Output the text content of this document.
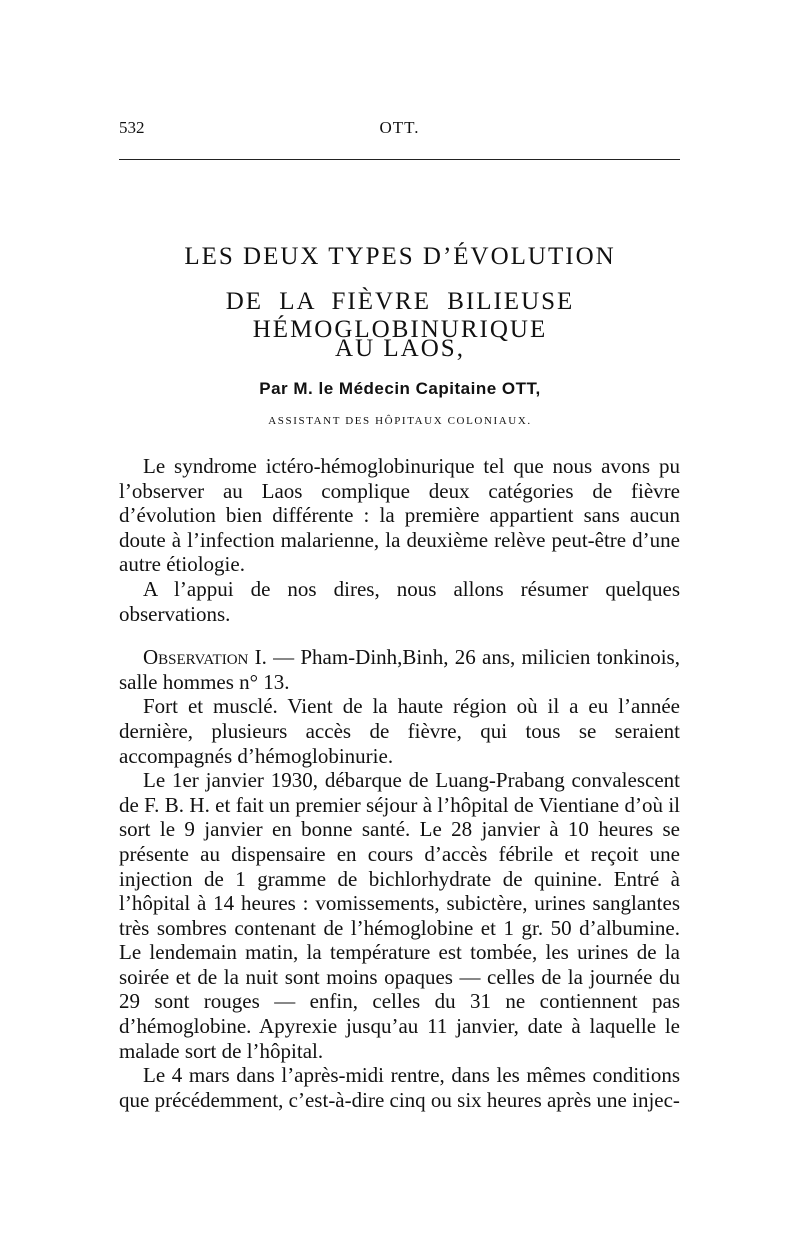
532	OTT.
LES DEUX TYPES D’ÉVOLUTION
DE LA FIÈVRE BILIEUSE HÉMOGLOBINURIQUE
AU LAOS,
Par M. le Médecin Capitaine OTT,
ASSISTANT DES HÔPITAUX COLONIAUX.

Le syndrome ictéro-hémoglobinurique tel que nous avons pu l’observer au Laos complique deux catégories de fièvre d’évolution bien différente : la première appartient sans aucun doute à l’infection malarienne, la deuxième relève peut-être d’une autre étiologie.

A l’appui de nos dires, nous allons résumer quelques observations.

Observation I. — Pham-Dinh,Binh, 26 ans, milicien tonkinois, salle hommes n° 13.

Fort et musclé. Vient de la haute région où il a eu l’année dernière, plusieurs accès de fièvre, qui tous se seraient accompagnés d’hémoglobinurie.

Le 1er janvier 1930, débarque de Luang-Prabang convalescent de F. B. H. et fait un premier séjour à l’hôpital de Vientiane d’où il sort le 9 janvier en bonne santé. Le 28 janvier à 10 heures se présente au dispensaire en cours d’accès fébrile et reçoit une injection de 1 gramme de bichlorhydrate de quinine. Entré à l’hôpital à 14 heures : vomissements, subictère, urines sanglantes très sombres contenant de l’hémoglobine et 1 gr. 50 d’albumine. Le lendemain matin, la température est tombée, les urines de la soirée et de la nuit sont moins opaques — celles de la journée du 29 sont rouges — enfin, celles du 31 ne contiennent pas d’hémoglobine. Apyrexie jusqu’au 11 janvier, date à laquelle le malade sort de l’hôpital.

Le 4 mars dans l’après-midi rentre, dans les mêmes conditions que précédemment, c’est-à-dire cinq ou six heures après une injec-
